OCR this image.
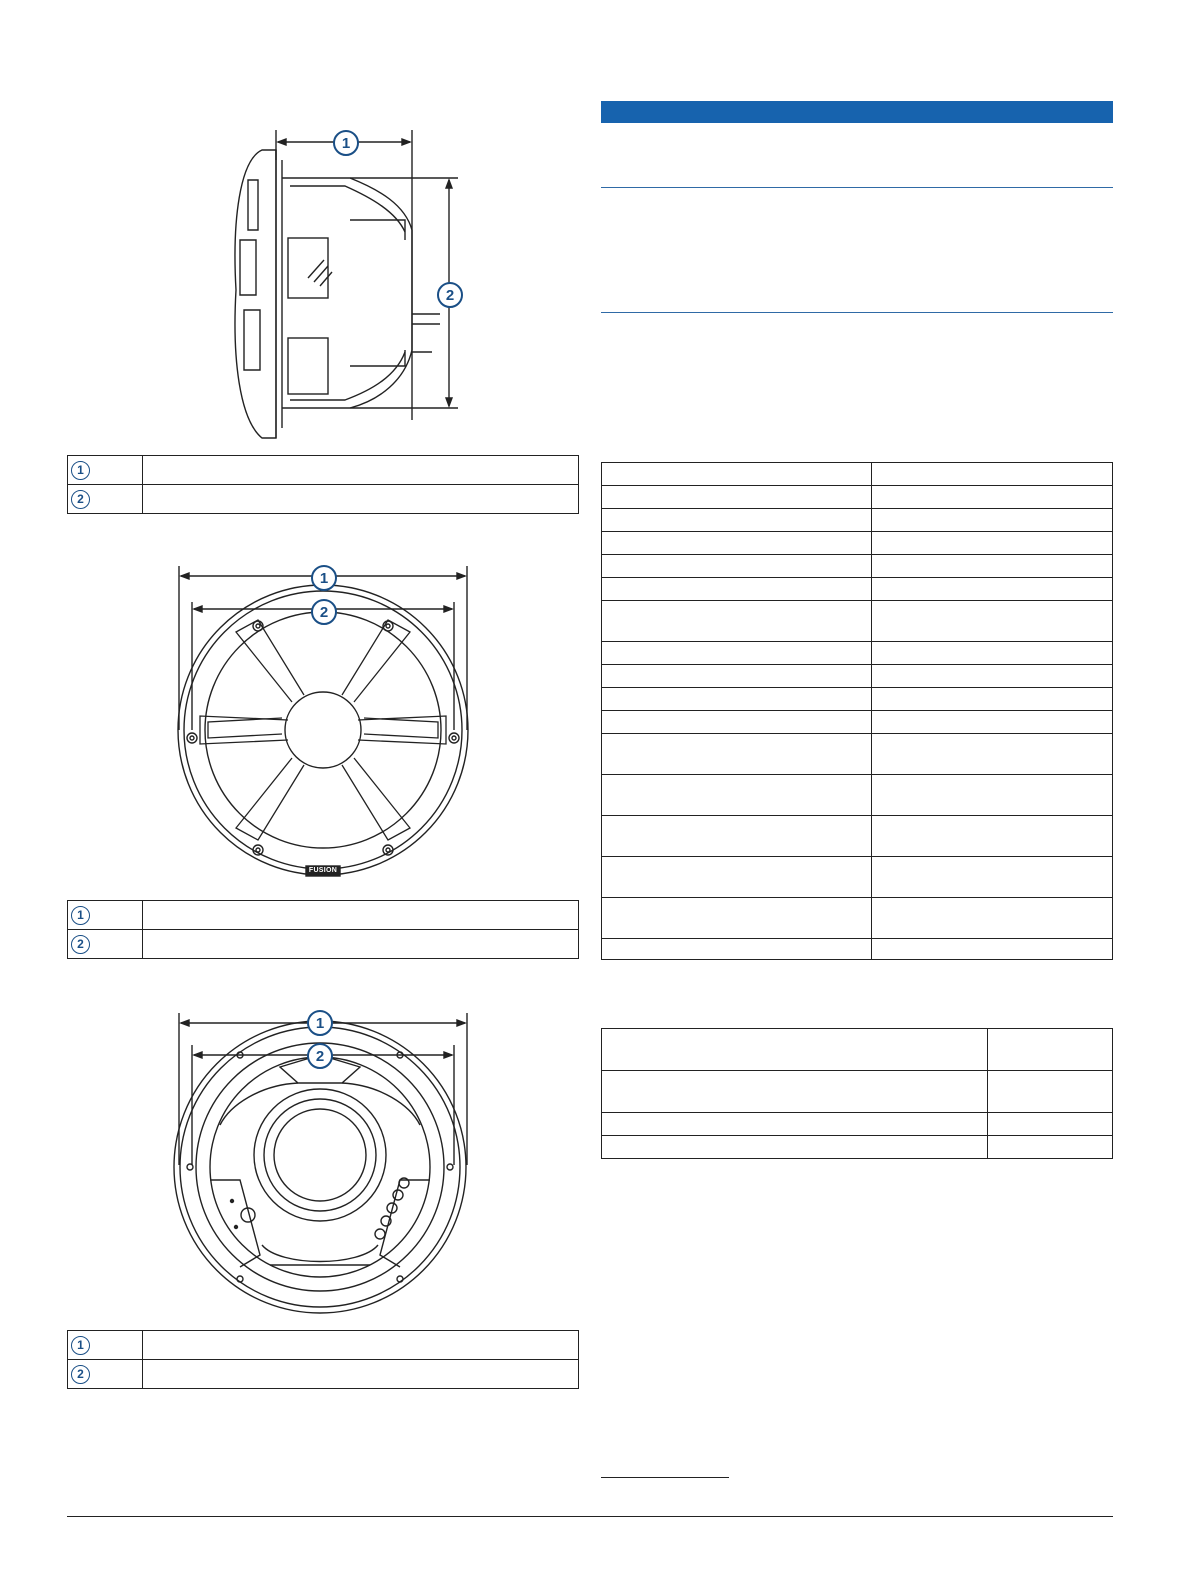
1
2
1	
2	
1
2
FUSION
1	
2	
1
2
1	
2	
